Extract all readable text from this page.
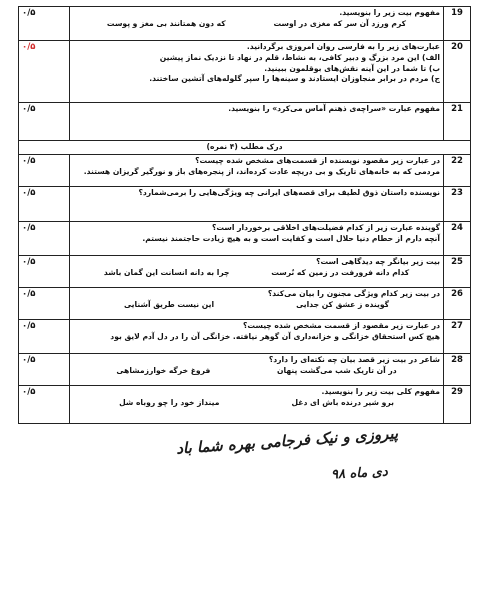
19	مفهوم بیت زیر را بنویسید.
کرم ورزد آن سر که مغزی در اوست
که دون همتانند بی مغز و پوست	۰/۵
20	عبارت‌های زیر را به فارسی روان امروزی برگردانید.
الف) این مرد بزرگ و دبیر کافی، به نشاط، قلم در نهاد تا نزدیک نماز پیشین
ب) تا شما در این آینه نقش‌های بوقلمون ببینید.
ج) مردم در برابر منجاوزان ایستادند و سینه‌ها را سپر گلوله‌های آتشین ساختند.	۰/۵
21	مفهوم عبارت «سراچه‌ی ذهنم آماس می‌کرد» را بنویسید.	۰/۵
درک مطلب (۴ نمره)		
22	در عبارت زیر مقصود نویسنده از قسمت‌های مشخص شده چیست؟
مردمی که به خانه‌های تاریک و بی دریچه عادت کرده‌اند، از پنجره‌های باز و نورگیر گریزان هستند.	۰/۵
23	نویسنده داستان ذوق لطیف برای قصه‌های ایرانی چه ویژگی‌هایی را برمی‌شمارد؟	۰/۵
24	گوینده عبارت زیر از کدام فضیلت‌های اخلاقی برخوردار است؟
آنچه دارم از حطام دنیا حلال است و کفایت است و به هیچ زیادت حاجتمند نیستم.	۰/۵
25	بیت زیر بیانگر چه دیدگاهی است؟
کدام دانه فرورفت در زمین که نُرست
چرا به دانه انسانت این گمان باشد	۰/۵
26	در بیت زیر کدام ویژگی مجنون را بیان می‌کند؟
گوینده ز عشق کن جدایی
این نیست طریق آشنایی	۰/۵
27	در عبارت زیر مقصود از قسمت مشخص شده چیست؟
هیچ کس استحقاق خزانگی و خزانه‌داری آن گوهر نیافته. خزانگی آن را در دل آدم لایق بود	۰/۵
28	شاعر در بیت زیر قصد بیان چه نکته‌ای را دارد؟
در آن تاریک شب می‌گشت پنهان
فروغ خرگه خوارزمشاهی	۰/۵
29	مفهوم کلی بیت زیر را بنویسید.
برو شیر درنده باش ای دغل
مینداز خود را چو روباه شل	۰/۵
پیروزی و نیک فرجامی بهره شما باد
دی ماه ۹۸
